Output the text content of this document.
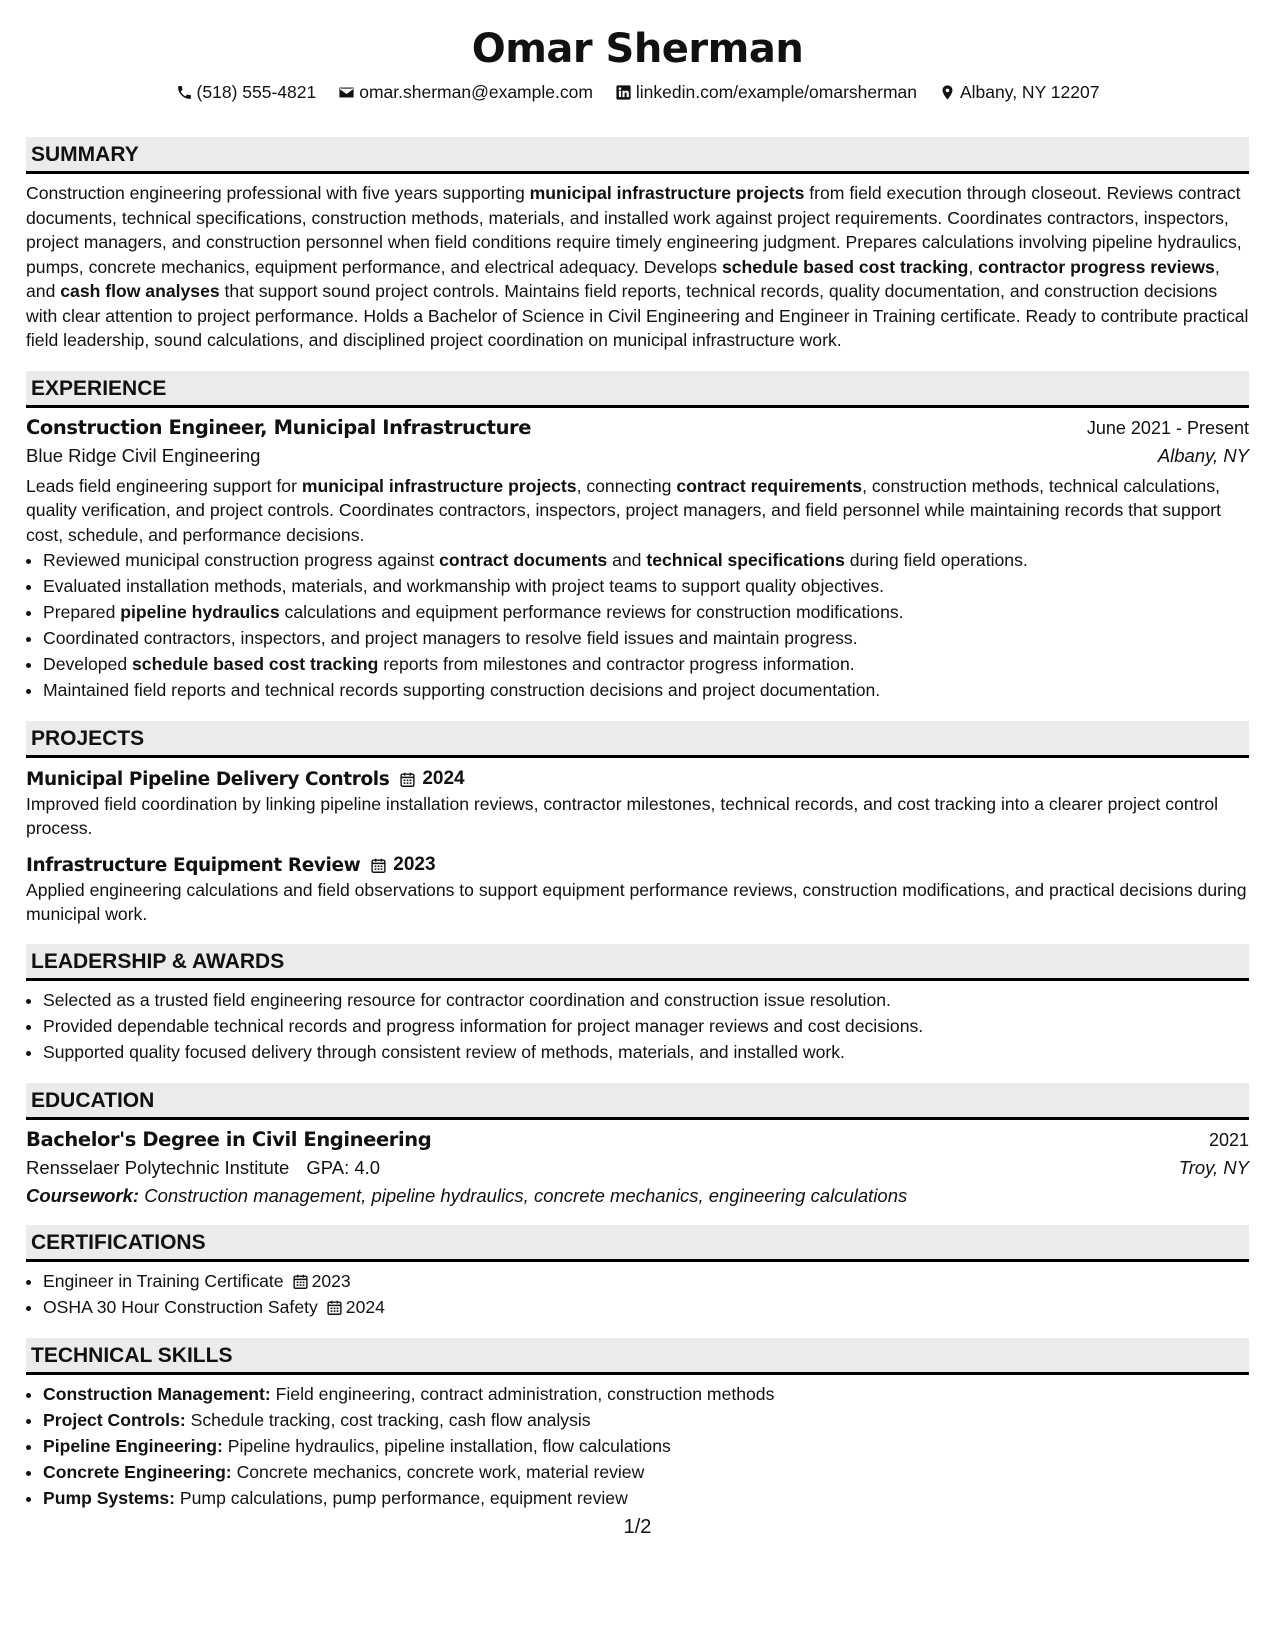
Omar Sherman
(518) 555-4821 omar.sherman@example.com linkedin.com/example/omarsherman Albany, NY 12207
SUMMARY
Construction engineering professional with five years supporting municipal infrastructure projects from field execution through closeout. Reviews contract documents, technical specifications, construction methods, materials, and installed work against project requirements. Coordinates contractors, inspectors, project managers, and construction personnel when field conditions require timely engineering judgment. Prepares calculations involving pipeline hydraulics, pumps, concrete mechanics, equipment performance, and electrical adequacy. Develops schedule based cost tracking, contractor progress reviews, and cash flow analyses that support sound project controls. Maintains field reports, technical records, quality documentation, and construction decisions with clear attention to project performance. Holds a Bachelor of Science in Civil Engineering and Engineer in Training certificate. Ready to contribute practical field leadership, sound calculations, and disciplined project coordination on municipal infrastructure work.
EXPERIENCE
Construction Engineer, Municipal Infrastructure	June 2021 - Present
Blue Ridge Civil Engineering	Albany, NY
Leads field engineering support for municipal infrastructure projects, connecting contract requirements, construction methods, technical calculations, quality verification, and project controls. Coordinates contractors, inspectors, project managers, and field personnel while maintaining records that support cost, schedule, and performance decisions.
• Reviewed municipal construction progress against contract documents and technical specifications during field operations.
• Evaluated installation methods, materials, and workmanship with project teams to support quality objectives.
• Prepared pipeline hydraulics calculations and equipment performance reviews for construction modifications.
• Coordinated contractors, inspectors, and project managers to resolve field issues and maintain progress.
• Developed schedule based cost tracking reports from milestones and contractor progress information.
• Maintained field reports and technical records supporting construction decisions and project documentation.
PROJECTS
Municipal Pipeline Delivery Controls 2024
Improved field coordination by linking pipeline installation reviews, contractor milestones, technical records, and cost tracking into a clearer project control process.
Infrastructure Equipment Review 2023
Applied engineering calculations and field observations to support equipment performance reviews, construction modifications, and practical decisions during municipal work.
LEADERSHIP & AWARDS
• Selected as a trusted field engineering resource for contractor coordination and construction issue resolution.
• Provided dependable technical records and progress information for project manager reviews and cost decisions.
• Supported quality focused delivery through consistent review of methods, materials, and installed work.
EDUCATION
Bachelor's Degree in Civil Engineering	2021
Rensselaer Polytechnic Institute GPA: 4.0	Troy, NY
Coursework: Construction management, pipeline hydraulics, concrete mechanics, engineering calculations
CERTIFICATIONS
• Engineer in Training Certificate 2023
• OSHA 30 Hour Construction Safety 2024
TECHNICAL SKILLS
• Construction Management: Field engineering, contract administration, construction methods
• Project Controls: Schedule tracking, cost tracking, cash flow analysis
• Pipeline Engineering: Pipeline hydraulics, pipeline installation, flow calculations
• Concrete Engineering: Concrete mechanics, concrete work, material review
• Pump Systems: Pump calculations, pump performance, equipment review
1/2
